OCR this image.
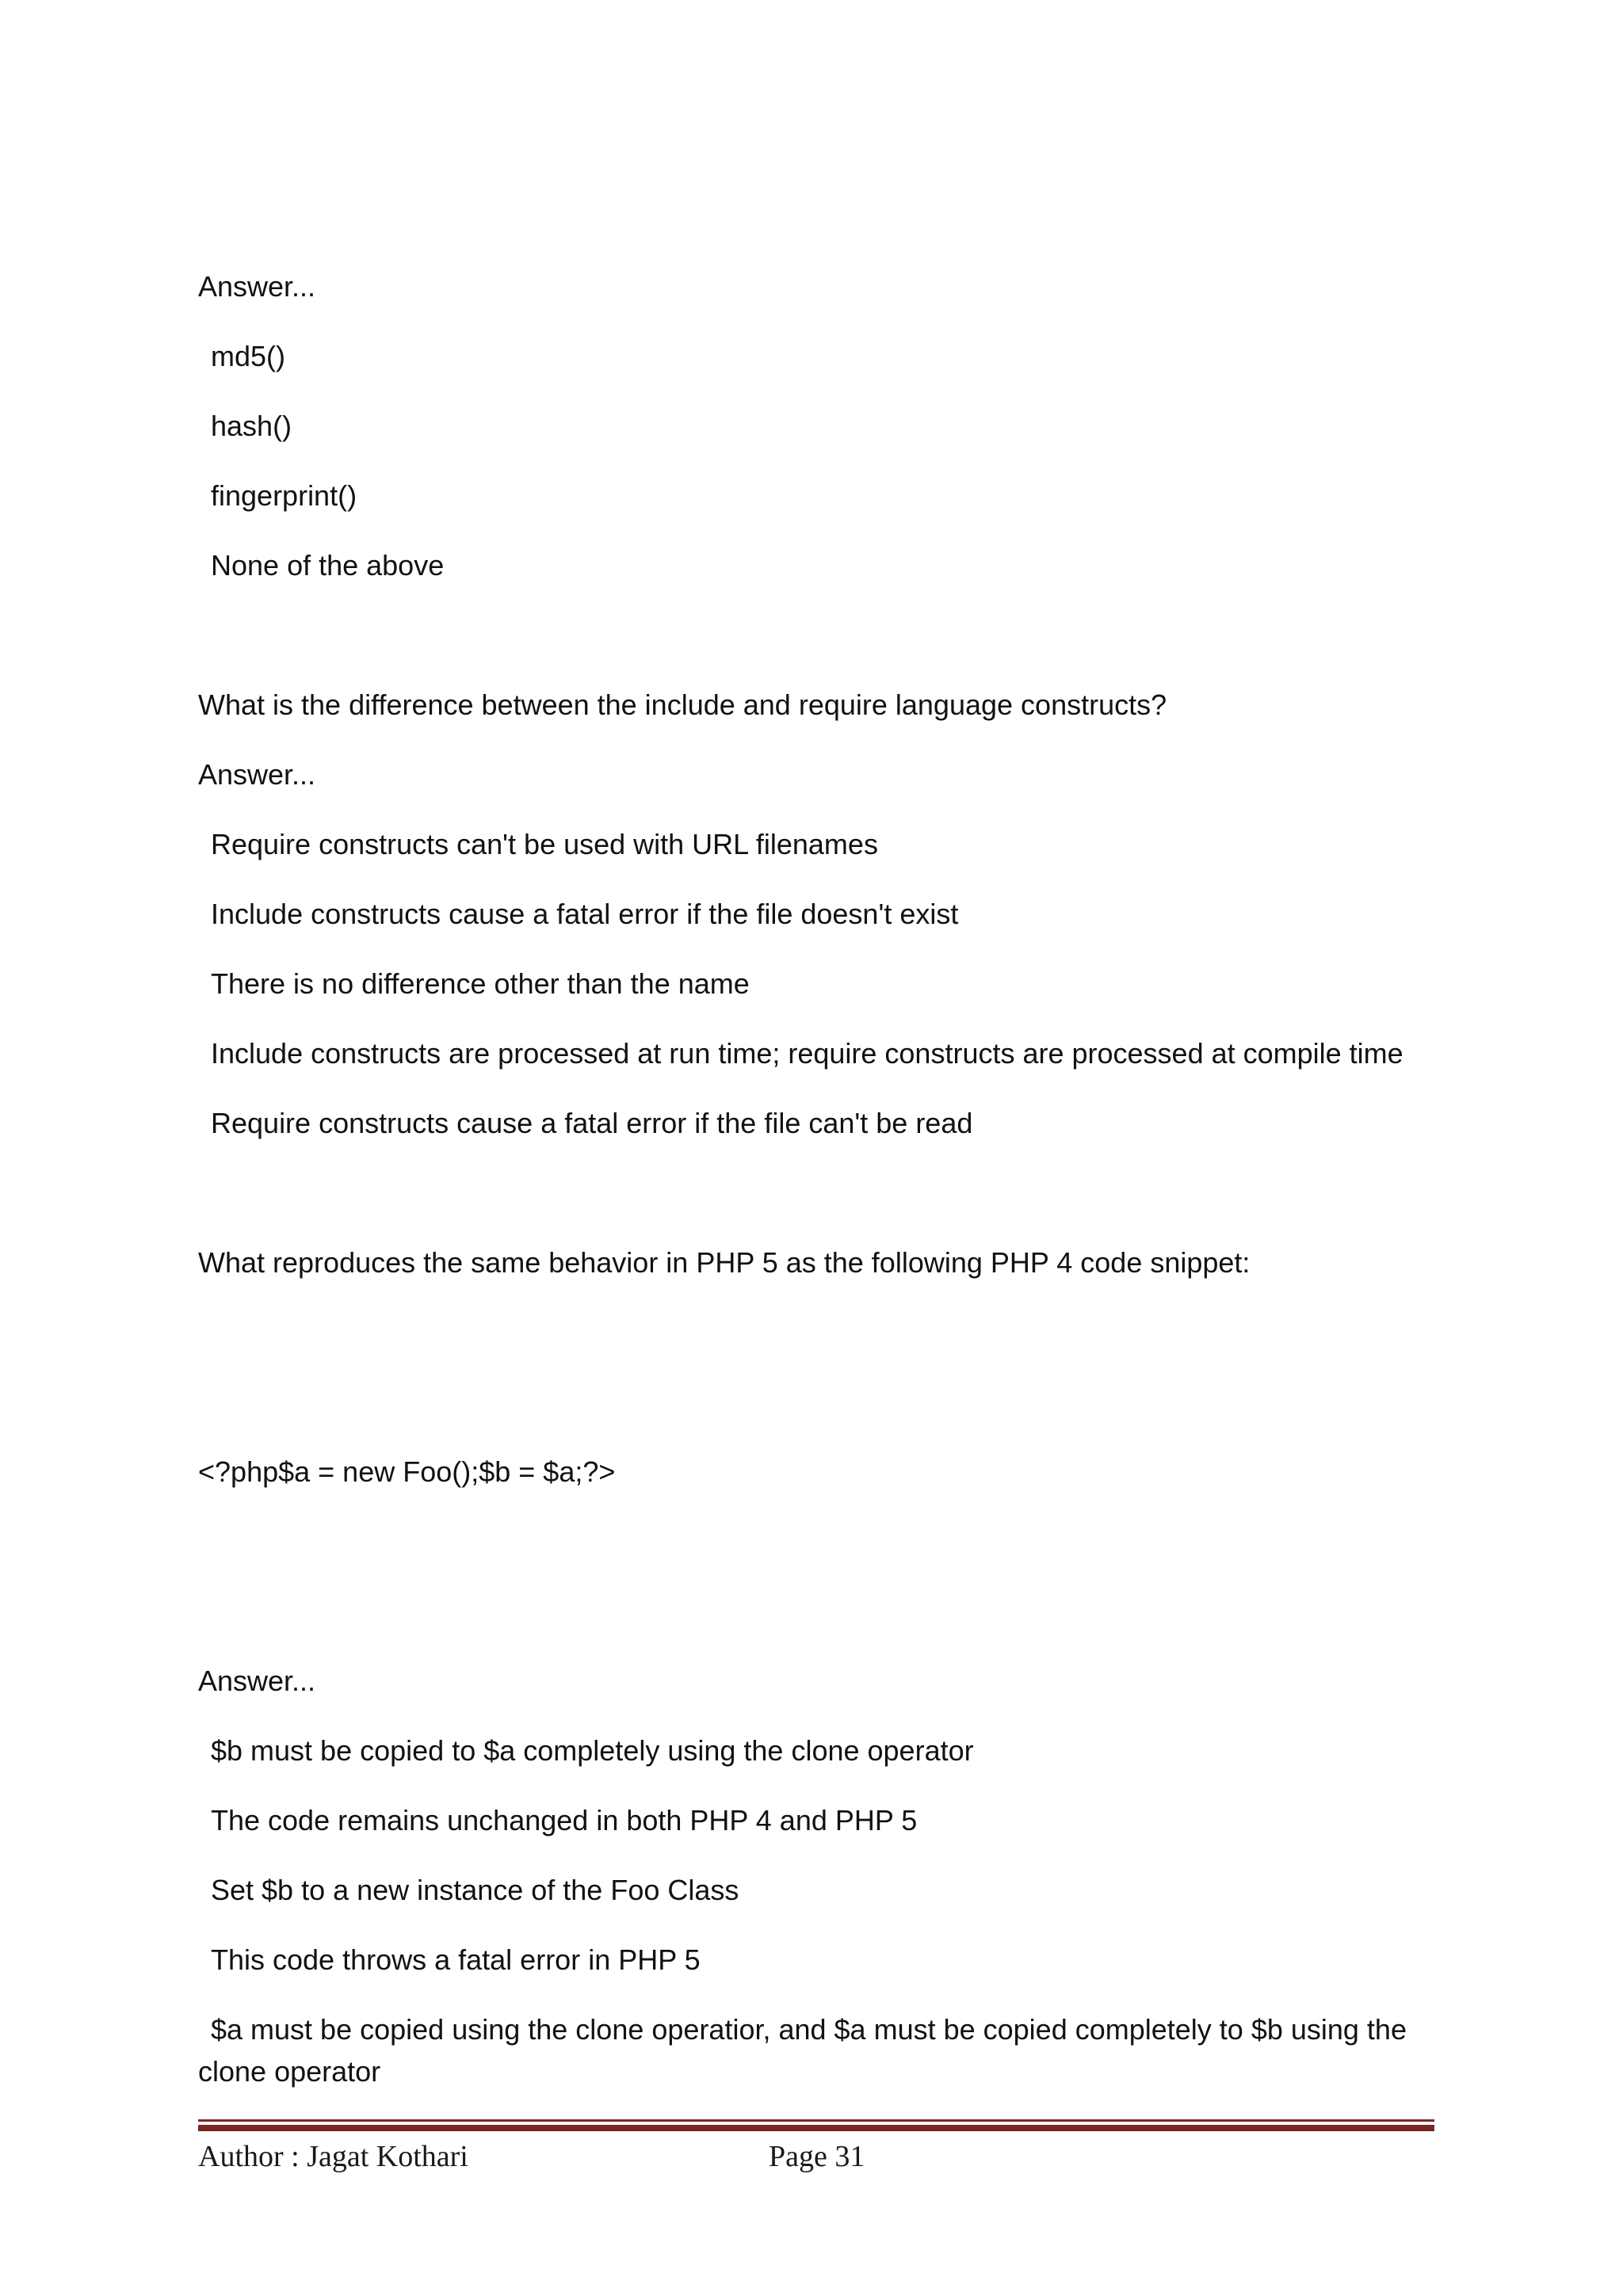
Answer...
md5()
hash()
fingerprint()
None of the above
What is the difference between the include and require language constructs?
Answer...
Require constructs can't be used with URL filenames
Include constructs cause a fatal error if the file doesn't exist
There is no difference other than the name
Include constructs are processed at run time; require constructs are processed at compile time
Require constructs cause a fatal error if the file can't be read
What reproduces the same behavior in PHP 5 as the following PHP 4 code snippet:
<?php$a = new Foo();$b = $a;?>
Answer...
$b must be copied to $a completely using the clone operator
The code remains unchanged in both PHP 4 and PHP 5
Set $b to a new instance of the Foo Class
This code throws a fatal error in PHP 5
$a must be copied using the clone operatior, and $a must be copied completely to $b using the clone operator
Author : Jagat Kothari	Page 31
